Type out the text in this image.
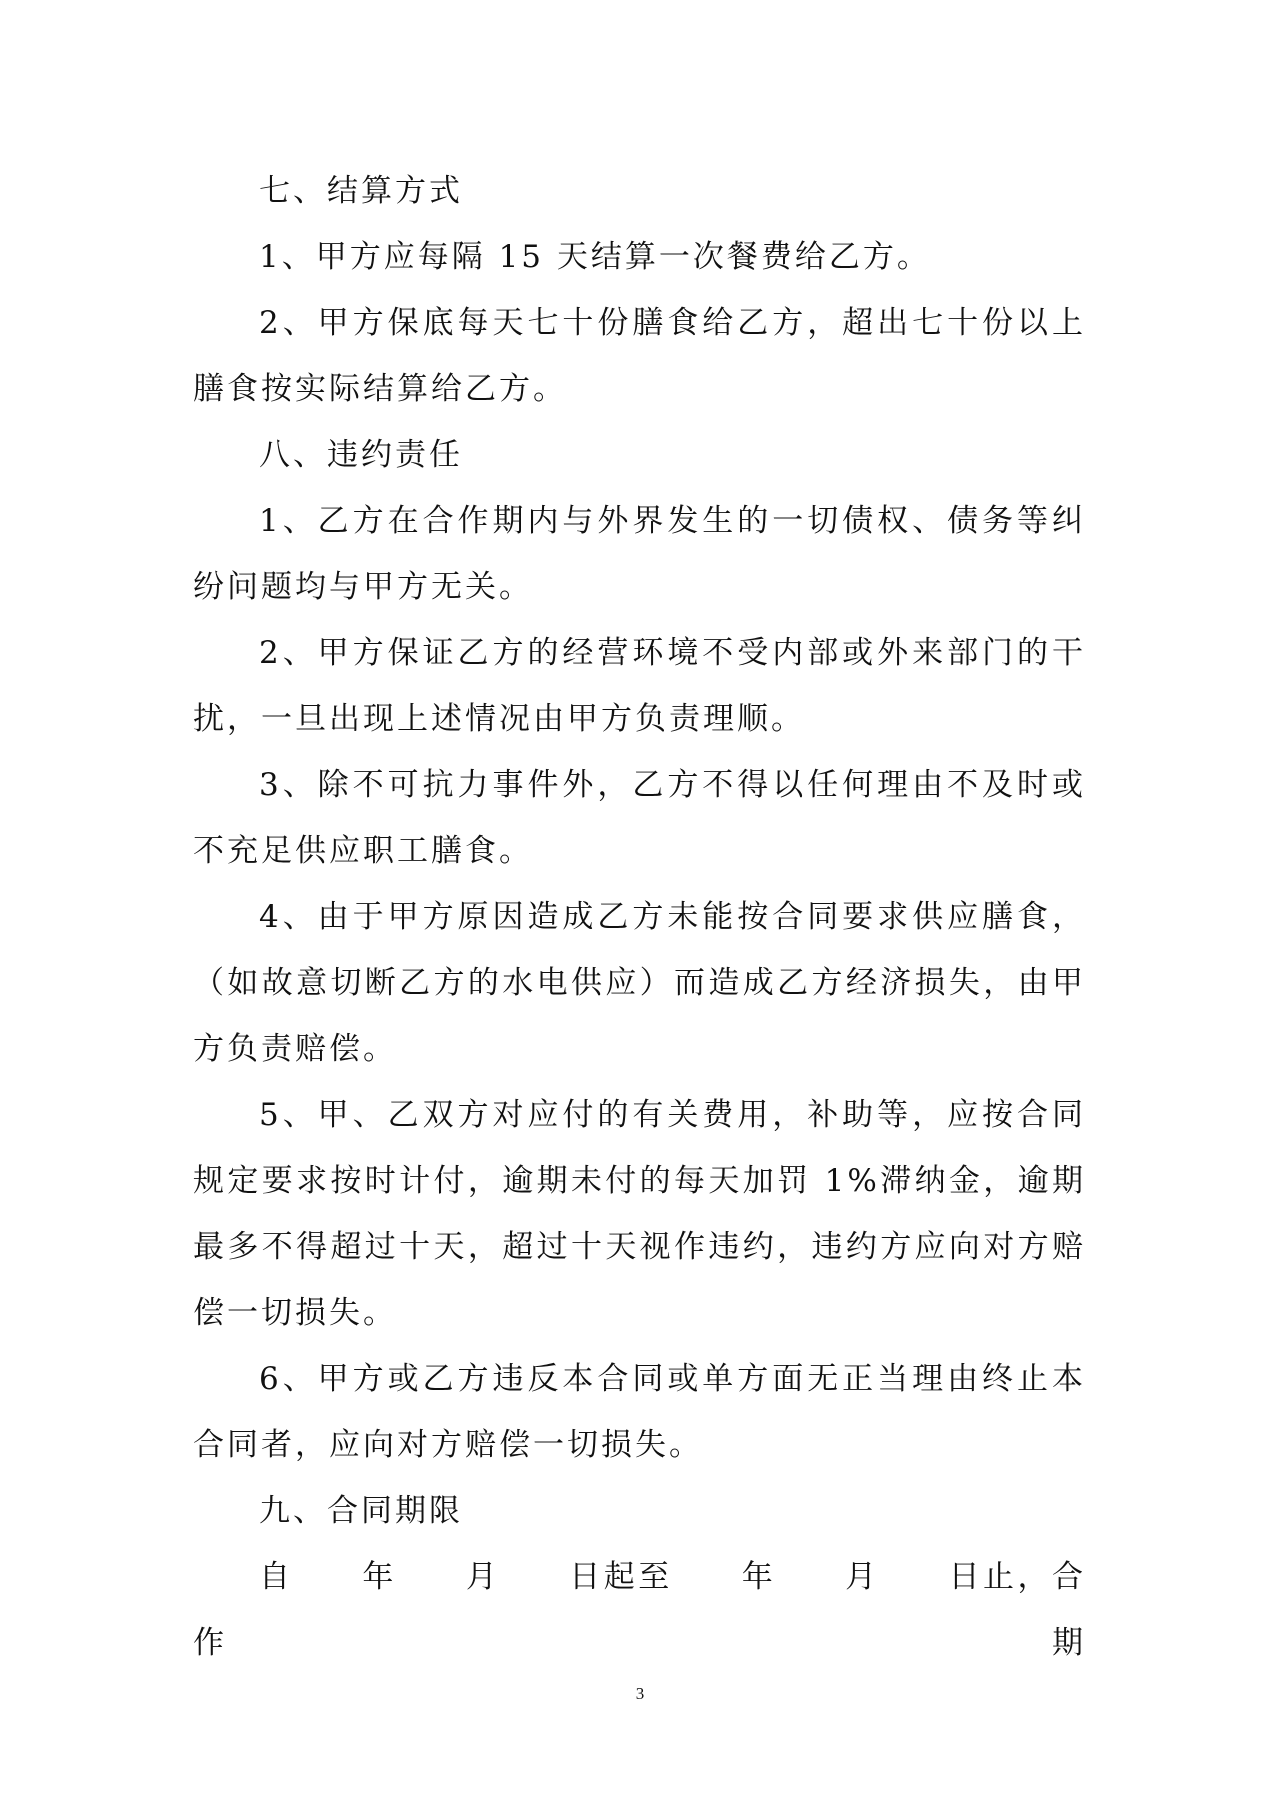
七、结算方式

1、甲方应每隔 15 天结算一次餐费给乙方。

2、甲方保底每天七十份膳食给乙方，超出七十份以上膳食按实际结算给乙方。

八、违约责任

1、乙方在合作期内与外界发生的一切债权、债务等纠纷问题均与甲方无关。

2、甲方保证乙方的经营环境不受内部或外来部门的干扰，一旦出现上述情况由甲方负责理顺。

3、除不可抗力事件外，乙方不得以任何理由不及时或不充足供应职工膳食。

4、由于甲方原因造成乙方未能按合同要求供应膳食，（如故意切断乙方的水电供应）而造成乙方经济损失，由甲方负责赔偿。

5、甲、乙双方对应付的有关费用，补助等，应按合同规定要求按时计付，逾期未付的每天加罚 1%滞纳金，逾期最多不得超过十天，超过十天视作违约，违约方应向对方赔偿一切损失。

6、甲方或乙方违反本合同或单方面无正当理由终止本合同者，应向对方赔偿一切损失。

九、合同期限

自　　年　　月　　日起至　　年　　月　　日止，合作期

3
